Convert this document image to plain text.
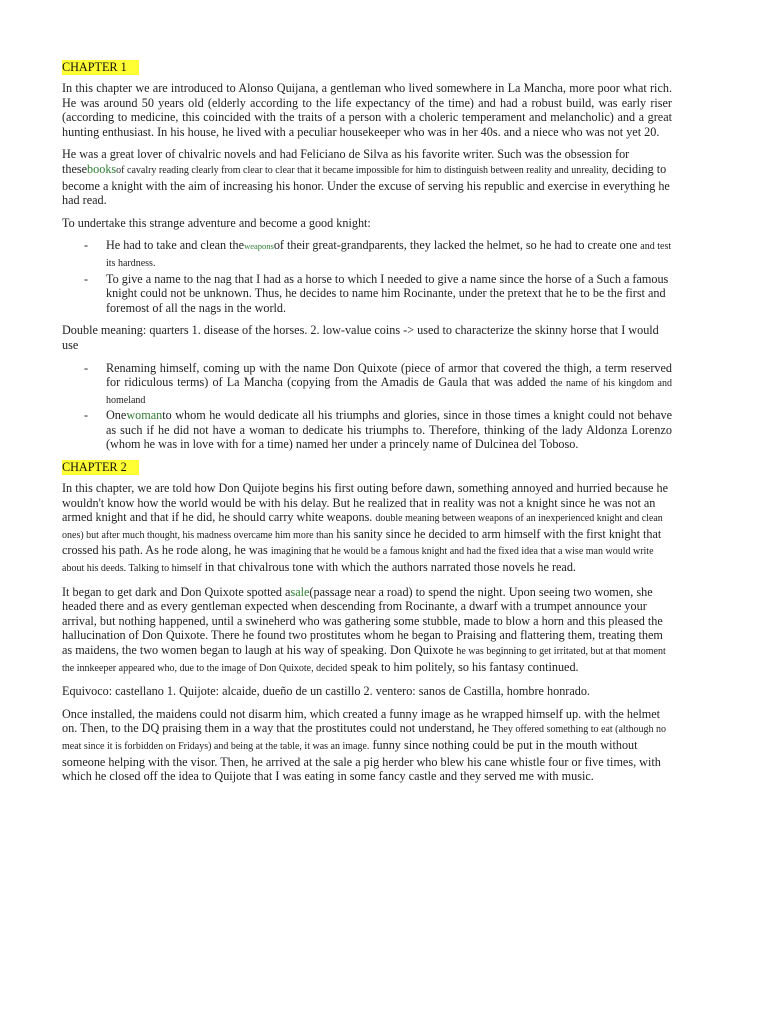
CHAPTER 1

In this chapter we are introduced to Alonso Quijana, a gentleman who lived somewhere in La Mancha, more poor what rich. He was around 50 years old (elderly according to the life expectancy of the time) and had a robust build, was early riser (according to medicine, this coincided with the traits of a person with a choleric temperament and melancholic) and a great hunting enthusiast. In his house, he lived with a peculiar housekeeper who was in her 40s. and a niece who was not yet 20.

He was a great lover of chivalric novels and had Feliciano de Silva as his favorite writer. Such was the obsession for thesebooksof cavalry reading clearly from clear to clear that it became impossible for him to distinguish between reality and unreality, deciding to become a knight with the aim of increasing his honor. Under the excuse of serving his republic and exercise in everything he had read.

To undertake this strange adventure and become a good knight:

- He had to take and clean theweaponsof their great-grandparents, they lacked the helmet, so he had to create one and test its hardness.
- To give a name to the nag that I had as a horse to which I needed to give a name since the horse of a Such a famous knight could not be unknown. Thus, he decides to name him Rocinante, under the pretext that he to be the first and foremost of all the nags in the world.

Double meaning: quarters 1. disease of the horses. 2. low-value coins -> used to characterize the skinny horse that I would use

- Renaming himself, coming up with the name Don Quixote (piece of armor that covered the thigh, a term reserved for ridiculous terms) of La Mancha (copying from the Amadis de Gaula that was added the name of his kingdom and homeland
- Onewomanto whom he would dedicate all his triumphs and glories, since in those times a knight could not behave as such if he did not have a woman to dedicate his triumphs to. Therefore, thinking of the lady Aldonza Lorenzo (whom he was in love with for a time) named her under a princely name of Dulcinea del Toboso.
CHAPTER 2

In this chapter, we are told how Don Quijote begins his first outing before dawn, something annoyed and hurried because he wouldn't know how the world would be with his delay. But he realized that in reality was not a knight since he was not an armed knight and that if he did, he should carry white weapons. double meaning between weapons of an inexperienced knight and clean ones) but after much thought, his madness overcame him more than his sanity since he decided to arm himself with the first knight that crossed his path. As he rode along, he was imagining that he would be a famous knight and had the fixed idea that a wise man would write about his deeds. Talking to himself in that chivalrous tone with which the authors narrated those novels he read.

It began to get dark and Don Quixote spotted asale(passage near a road) to spend the night. Upon seeing two women, she headed there and as every gentleman expected when descending from Rocinante, a dwarf with a trumpet announce your arrival, but nothing happened, until a swineherd who was gathering some stubble, made to blow a horn and this pleased the hallucination of Don Quixote. There he found two prostitutes whom he began to Praising and flattering them, treating them as maidens, the two women began to laugh at his way of speaking. Don Quixote he was beginning to get irritated, but at that moment the innkeeper appeared who, due to the image of Don Quixote, decided speak to him politely, so his fantasy continued.

Equivoco: castellano 1. Quijote: alcaide, dueño de un castillo 2. ventero: sanos de Castilla, hombre honrado.

Once installed, the maidens could not disarm him, which created a funny image as he wrapped himself up. with the helmet on. Then, to the DQ praising them in a way that the prostitutes could not understand, he They offered something to eat (although no meat since it is forbidden on Fridays) and being at the table, it was an image. funny since nothing could be put in the mouth without someone helping with the visor. Then, he arrived at the sale a pig herder who blew his cane whistle four or five times, with which he closed off the idea to Quijote that I was eating in some fancy castle and they served me with music.
